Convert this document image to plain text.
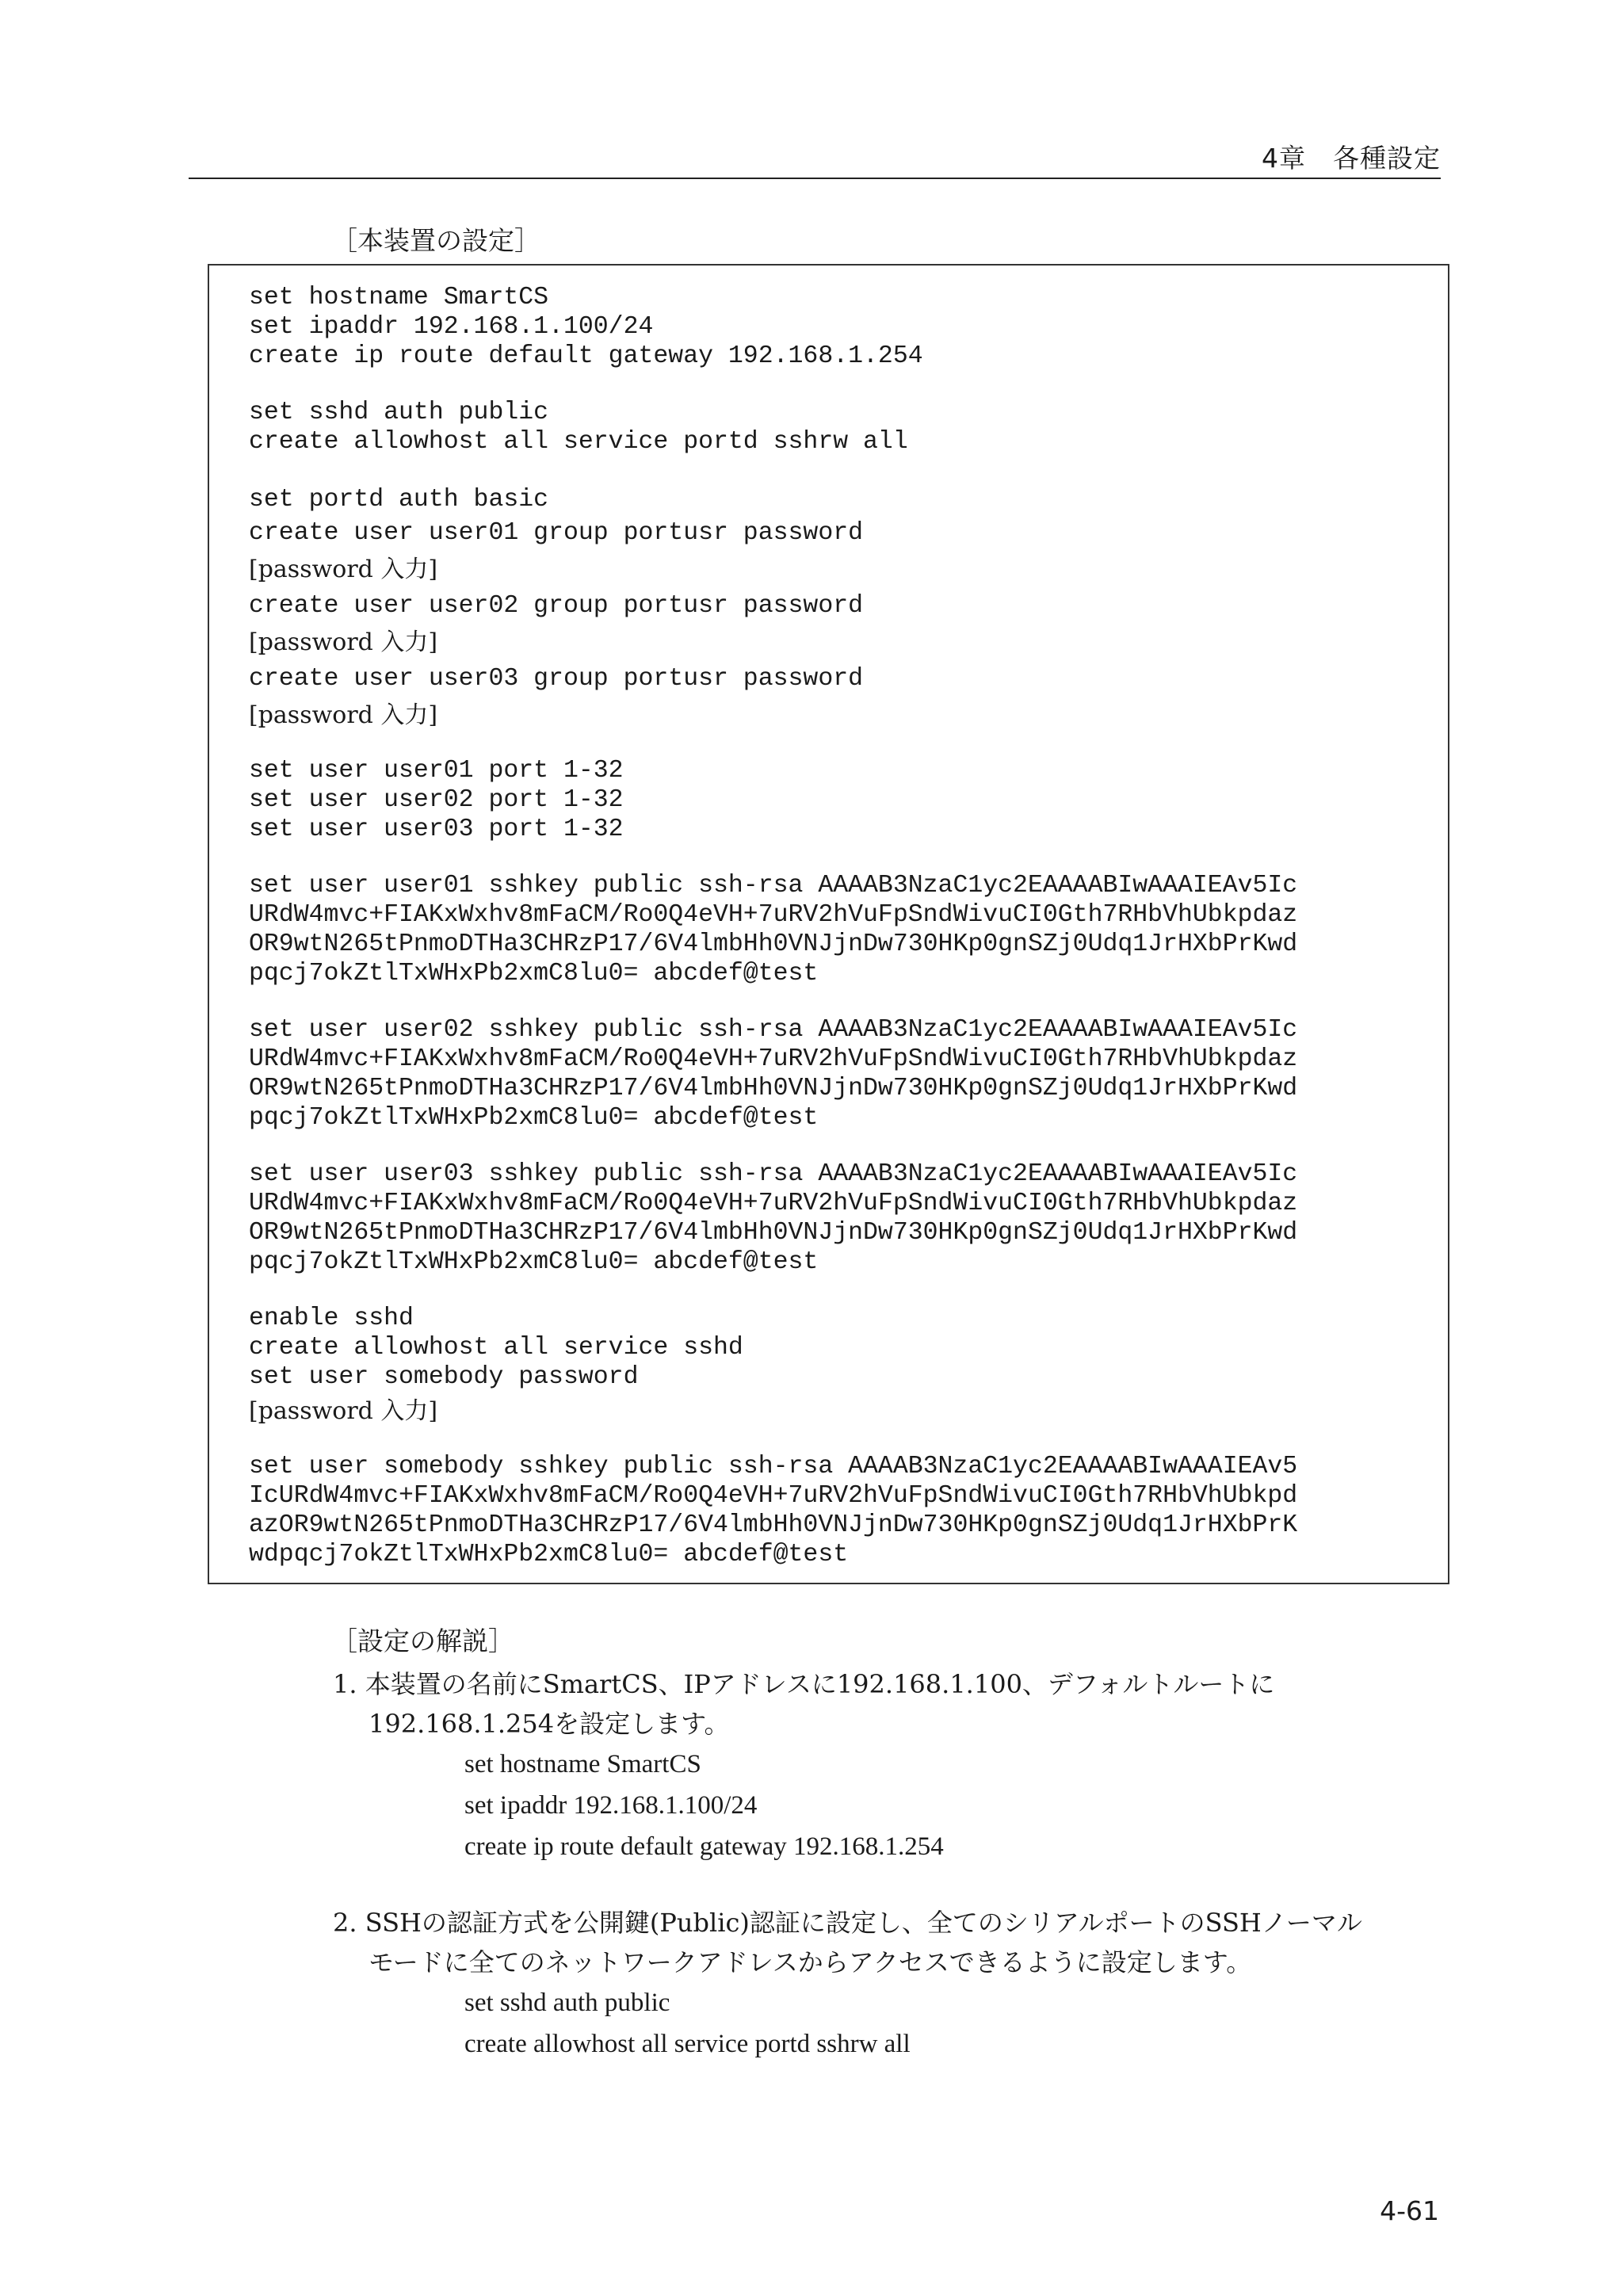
4章　各種設定
［本装置の設定］
set hostname SmartCS
set ipaddr 192.168.1.100/24
create ip route default gateway 192.168.1.254
set sshd auth public
create allowhost all service portd sshrw all
set portd auth basic
create user user01 group portusr password
[password 入力]
create user user02 group portusr password
[password 入力]
create user user03 group portusr password
[password 入力]
set user user01 port 1-32
set user user02 port 1-32
set user user03 port 1-32
set user user01 sshkey public ssh-rsa AAAAB3NzaC1yc2EAAAABIwAAAIEAv5Ic
URdW4mvc+FIAKxWxhv8mFaCM/Ro0Q4eVH+7uRV2hVuFpSndWivuCI0Gth7RHbVhUbkpdaz
OR9wtN265tPnmoDTHa3CHRzP17/6V4lmbHh0VNJjnDw730HKp0gnSZj0Udq1JrHXbPrKwd
pqcj7okZtlTxWHxPb2xmC8lu0= abcdef@test
set user user02 sshkey public ssh-rsa AAAAB3NzaC1yc2EAAAABIwAAAIEAv5Ic
URdW4mvc+FIAKxWxhv8mFaCM/Ro0Q4eVH+7uRV2hVuFpSndWivuCI0Gth7RHbVhUbkpdaz
OR9wtN265tPnmoDTHa3CHRzP17/6V4lmbHh0VNJjnDw730HKp0gnSZj0Udq1JrHXbPrKwd
pqcj7okZtlTxWHxPb2xmC8lu0= abcdef@test
set user user03 sshkey public ssh-rsa AAAAB3NzaC1yc2EAAAABIwAAAIEAv5Ic
URdW4mvc+FIAKxWxhv8mFaCM/Ro0Q4eVH+7uRV2hVuFpSndWivuCI0Gth7RHbVhUbkpdaz
OR9wtN265tPnmoDTHa3CHRzP17/6V4lmbHh0VNJjnDw730HKp0gnSZj0Udq1JrHXbPrKwd
pqcj7okZtlTxWHxPb2xmC8lu0= abcdef@test
enable sshd
create allowhost all service sshd
set user somebody password
[password 入力]
set user somebody sshkey public ssh-rsa AAAAB3NzaC1yc2EAAAABIwAAAIEAv5
IcURdW4mvc+FIAKxWxhv8mFaCM/Ro0Q4eVH+7uRV2hVuFpSndWivuCI0Gth7RHbVhUbkpd
azOR9wtN265tPnmoDTHa3CHRzP17/6V4lmbHh0VNJjnDw730HKp0gnSZj0Udq1JrHXbPrK
wdpqcj7okZtlTxWHxPb2xmC8lu0= abcdef@test
［設定の解説］
1. 本装置の名前にSmartCS、IPアドレスに192.168.1.100、デフォルトルートに
192.168.1.254を設定します。
set hostname SmartCS
set ipaddr 192.168.1.100/24
create ip route default gateway 192.168.1.254
2. SSHの認証方式を公開鍵(Public)認証に設定し、全てのシリアルポートのSSHノーマル
モードに全てのネットワークアドレスからアクセスできるように設定します。
set sshd auth public
create allowhost all service portd sshrw all
4-61
